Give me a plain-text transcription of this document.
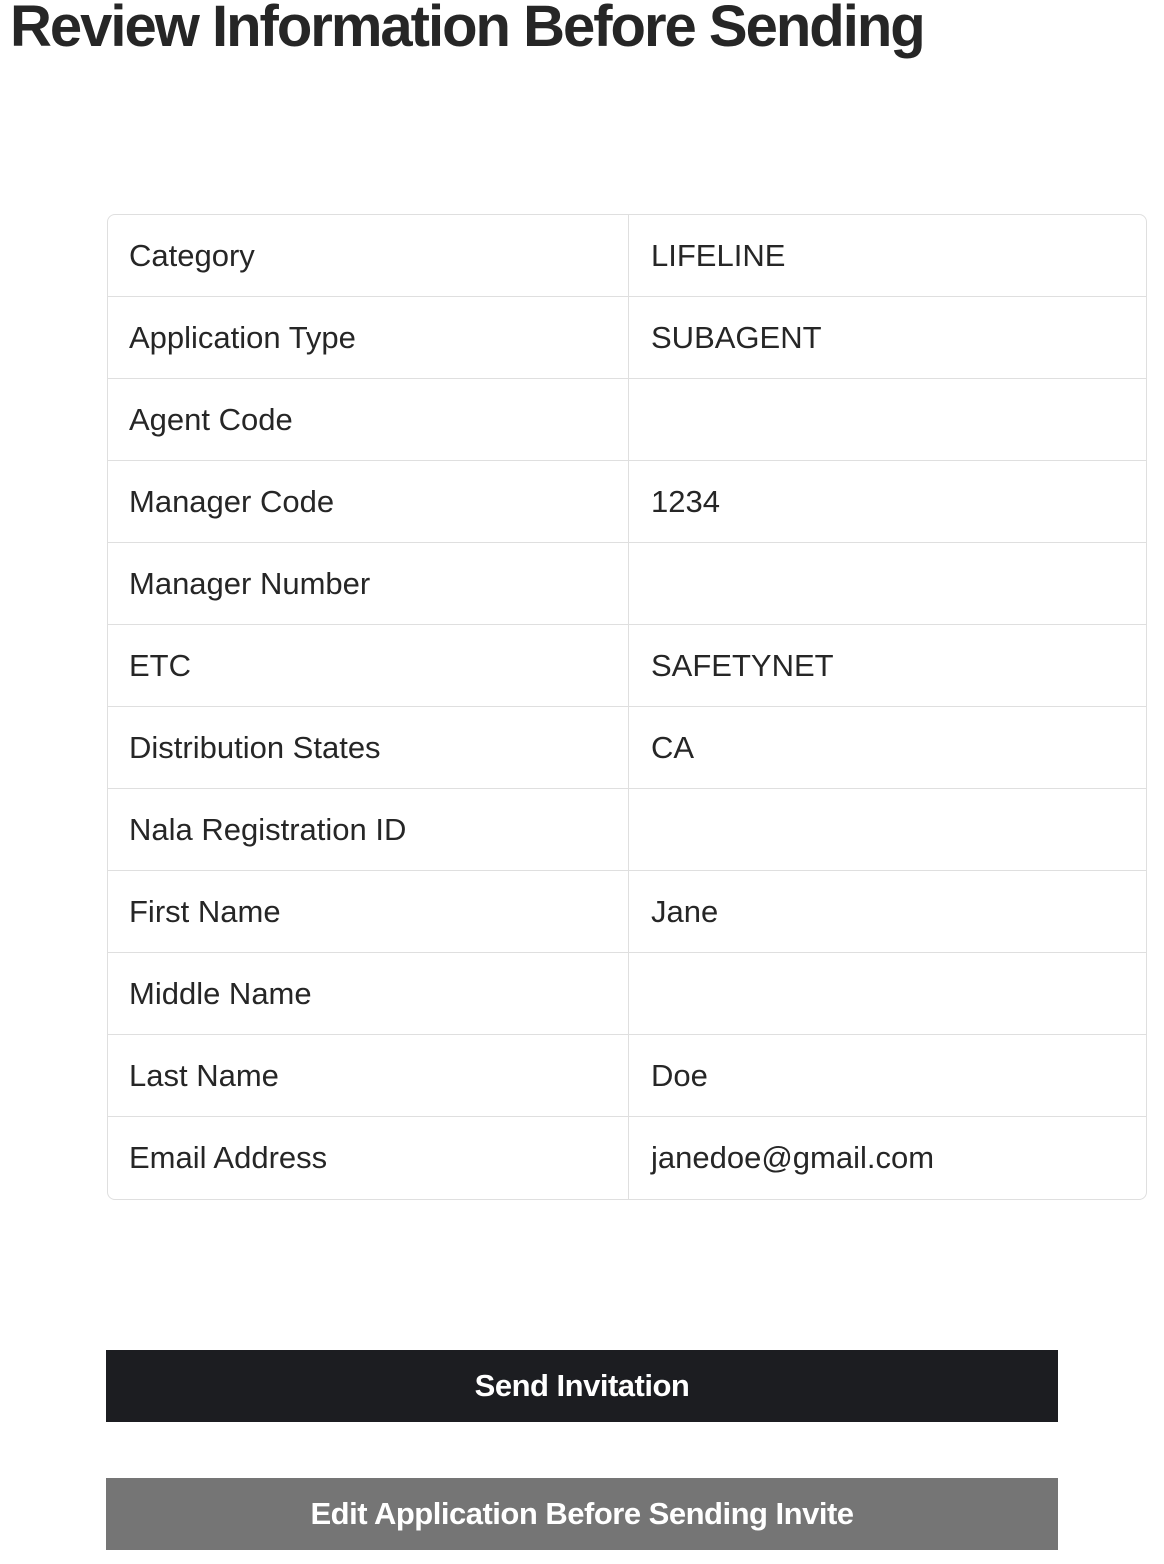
Review Information Before Sending
Category	LIFELINE
Application Type	SUBAGENT
Agent Code
Manager Code	1234
Manager Number
ETC	SAFETYNET
Distribution States	CA
Nala Registration ID
First Name	Jane
Middle Name
Last Name	Doe
Email Address	janedoe@gmail.com
Send Invitation
Edit Application Before Sending Invite
